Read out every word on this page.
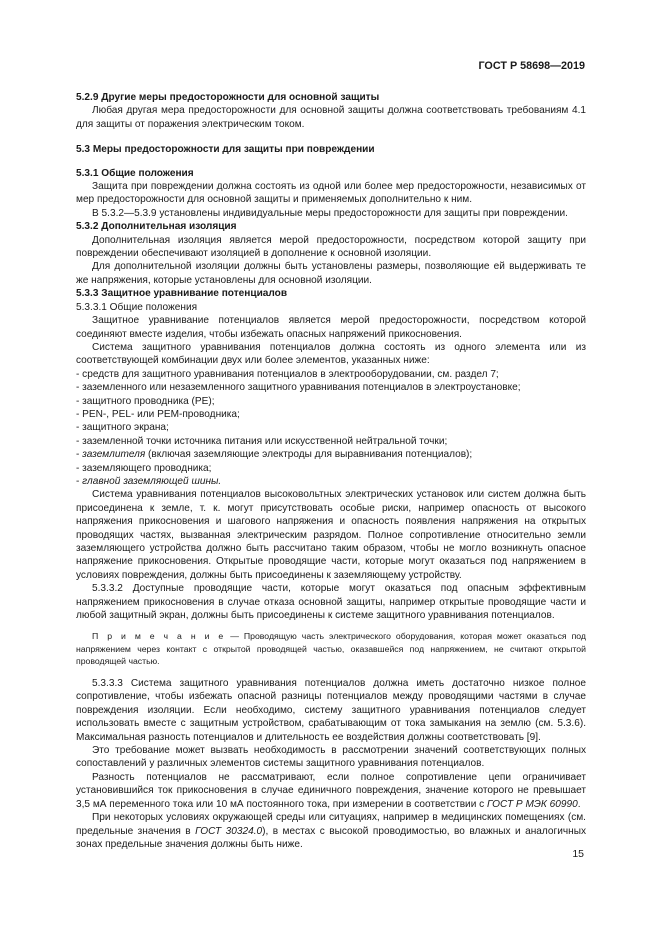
ГОСТ Р 58698—2019

5.2.9 Другие меры предосторожности для основной защиты

Любая другая мера предосторожности для основной защиты должна соответствовать требованиям 4.1 для защиты от поражения электрическим током.

5.3 Меры предосторожности для защиты при повреждении

5.3.1 Общие положения

Защита при повреждении должна состоять из одной или более мер предосторожности, независимых от мер предосторожности для основной защиты и применяемых дополнительно к ним.

В 5.3.2—5.3.9 установлены индивидуальные меры предосторожности для защиты при повреждении.

5.3.2 Дополнительная изоляция

Дополнительная изоляция является мерой предосторожности, посредством которой защиту при повреждении обеспечивают изоляцией в дополнение к основной изоляции.

Для дополнительной изоляции должны быть установлены размеры, позволяющие ей выдерживать те же напряжения, которые установлены для основной изоляции.

5.3.3 Защитное уравнивание потенциалов

5.3.3.1 Общие положения

Защитное уравнивание потенциалов является мерой предосторожности, посредством которой соединяют вместе изделия, чтобы избежать опасных напряжений прикосновения.

Система защитного уравнивания потенциалов должна состоять из одного элемента или из соответствующей комбинации двух или более элементов, указанных ниже:

- средств для защитного уравнивания потенциалов в электрооборудовании, см. раздел 7;

- заземленного или незаземленного защитного уравнивания потенциалов в электроустановке;

- защитного проводника (PE);

- PEN-, PEL- или PEM-проводника;

- защитного экрана;

- заземленной точки источника питания или искусственной нейтральной точки;

- заземлителя (включая заземляющие электроды для выравнивания потенциалов);

- заземляющего проводника;

- главной заземляющей шины.

Система уравнивания потенциалов высоковольтных электрических установок или систем должна быть присоединена к земле, т. к. могут присутствовать особые риски, например опасность от высокого напряжения прикосновения и шагового напряжения и опасность появления напряжения на открытых проводящих частях, вызванная электрическим разрядом. Полное сопротивление относительно земли заземляющего устройства должно быть рассчитано таким образом, чтобы не могло возникнуть опасное напряжение прикосновения. Открытые проводящие части, которые могут оказаться под напряжением в условиях повреждения, должны быть присоединены к заземляющему устройству.

5.3.3.2 Доступные проводящие части, которые могут оказаться под опасным эффективным напряжением прикосновения в случае отказа основной защиты, например открытые проводящие части и любой защитный экран, должны быть присоединены к системе защитного уравнивания потенциалов.

П р и м е ч а н и е — Проводящую часть электрического оборудования, которая может оказаться под напряжением через контакт с открытой проводящей частью, оказавшейся под напряжением, не считают открытой проводящей частью.

5.3.3.3 Система защитного уравнивания потенциалов должна иметь достаточно низкое полное сопротивление, чтобы избежать опасной разницы потенциалов между проводящими частями в случае повреждения изоляции. Если необходимо, систему защитного уравнивания потенциалов следует использовать вместе с защитным устройством, срабатывающим от тока замыкания на землю (см. 5.3.6). Максимальная разность потенциалов и длительность ее воздействия должны соответствовать [9].

Это требование может вызвать необходимость в рассмотрении значений соответствующих полных сопоставлений у различных элементов системы защитного уравнивания потенциалов.

Разность потенциалов не рассматривают, если полное сопротивление цепи ограничивает установившийся ток прикосновения в случае единичного повреждения, значение которого не превышает 3,5 мА переменного тока или 10 мА постоянного тока, при измерении в соответствии с ГОСТ Р МЭК 60990.

При некоторых условиях окружающей среды или ситуациях, например в медицинских помещениях (см. предельные значения в ГОСТ 30324.0), в местах с высокой проводимостью, во влажных и аналогичных зонах предельные значения должны быть ниже.

15
